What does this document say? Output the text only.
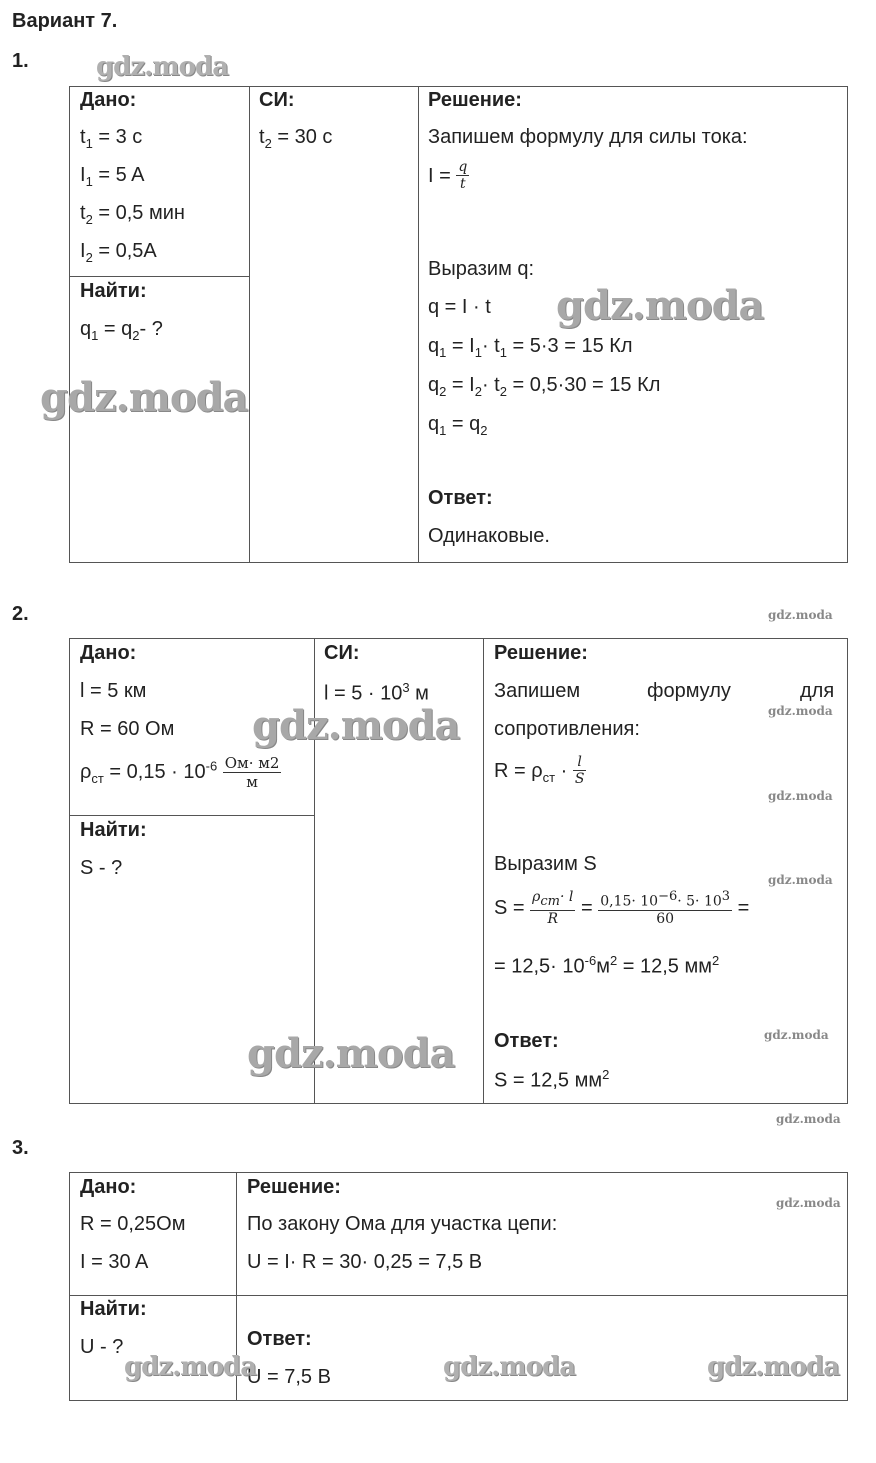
Вариант 7.
1.
Дано:
$t_1 = 3$ c
$I_1 = 5$ A
$t_2 = 0,5$ мин
$I_2 = 0,5A$
Найти:
$q_1 = q_2-$ ?
СИ:
$t_2 = 30$ c
Решение:
Запишем формулу для силы тока:
$I = \frac{q}{t}$
Выразим q:
q = I · t
$q_1 = I_1\cdot t_1 = 5\cdot 3 = 15$ Кл
$q_2 = I_2\cdot t_2 = 0,5\cdot 30 = 15$ Кл
$q_1 = q_2$
Ответ:
Одинаковые.
2.
Дано:
l = 5 км
R = 60 Ом
$\rho_{ст} = 0,15 \cdot 10^{-6} \frac{Ом\cdot м2}{м}$
Найти:
S - ?
СИ:
$l = 5 \cdot 10^3$ м
Решение:
Запишем	формулу	для
сопротивления:
$R = \rho_{ст} \cdot \frac{l}{S}$
Выразим S
$S = \frac{\rho_{ст}\cdot l}{R} = \frac{0,15\cdot 10^{-6}\cdot 5\cdot 10^3}{60}$ =
= $12,5\cdot 10^{-6}м^2 = 12,5$ $мм^2$
Ответ:
S = 12,5 $мм^2$
3.
Дано:
R = 0,25Ом
I = 30 A
Найти:
U - ?
Решение:
По закону Ома для участка цепи:
U = I· R = 30· 0,25 = 7,5 В
Ответ:
U = 7,5 В
gdz.moda
gdz.moda
gdz.moda
gdz.moda
gdz.moda	gdz.moda
gdz.moda
gdz.moda
gdz.moda	gdz.moda
gdz.moda
gdz.moda
gdz.moda	gdz.moda	gdz.moda
